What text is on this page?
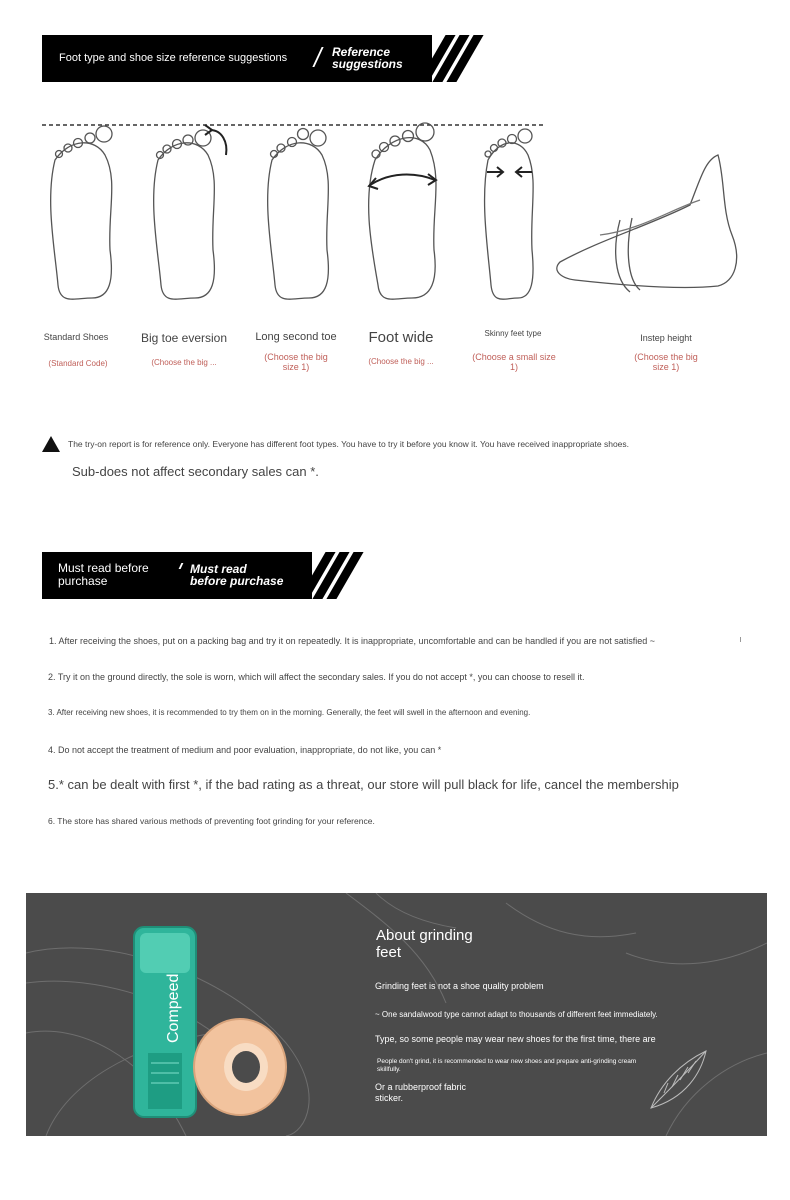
Foot type and shoe size reference suggestions	Reference
suggestions
Standard Shoes
(Standard Code)
Big toe eversion
(Choose the big ...
Long second toe
(Choose the big size 1)
Foot wide
(Choose the big ...
Skinny feet type
(Choose a small size 1)
Instep height
(Choose the big size 1)
The try-on report is for reference only. Everyone has different foot types. You have to try it before you know it. You have received inappropriate shoes.
Sub-does not affect secondary sales can *.
Must read before
purchase
Must read
before purchase
1. After receiving the shoes, put on a packing bag and try it on repeatedly. It is inappropriate, uncomfortable and can be handled if you are not satisfied ~
2. Try it on the ground directly, the sole is worn, which will affect the secondary sales. If you do not accept *, you can choose to resell it.
3. After receiving new shoes, it is recommended to try them on in the morning. Generally, the feet will swell in the afternoon and evening.
4. Do not accept the treatment of medium and poor evaluation, inappropriate, do not like, you can *
5.* can be dealt with first *, if the bad rating as a threat, our store will pull black for life, cancel the membership
6. The store has shared various methods of preventing foot grinding for your reference.
Compeed
About grinding
feet
Grinding feet is not a shoe quality problem
~ One sandalwood type cannot adapt to thousands of different feet immediately.
Type, so some people may wear new shoes for the first time, there are
People don't grind, it is recommended to wear new shoes and prepare anti-grinding cream
skillfully.
Or a rubberproof fabric
sticker.
